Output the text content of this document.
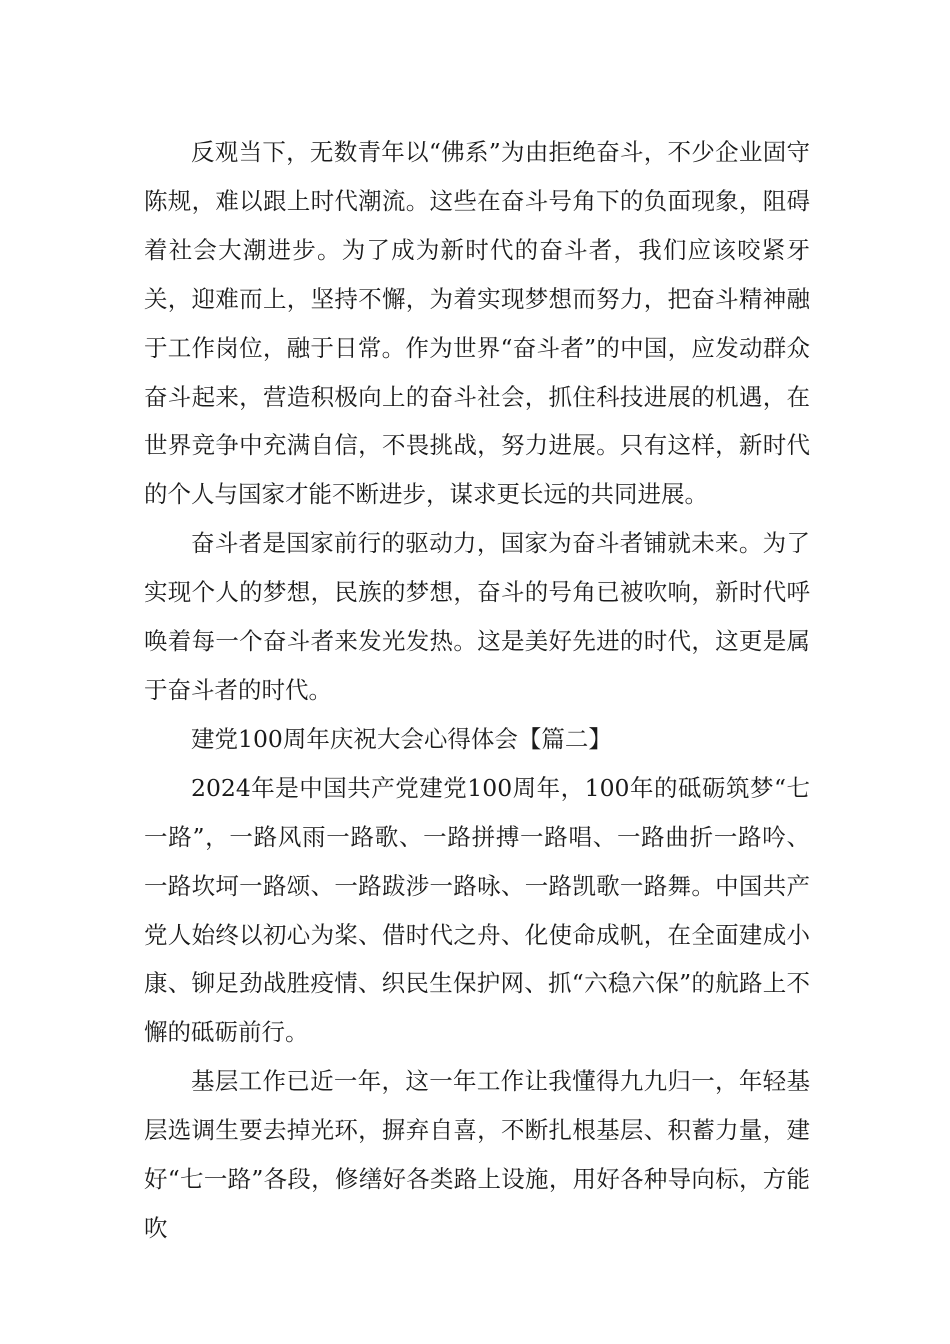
反观当下，无数青年以“佛系”为由拒绝奋斗，不少企业固守陈规，难以跟上时代潮流。这些在奋斗号角下的负面现象，阻碍着社会大潮进步。为了成为新时代的奋斗者，我们应该咬紧牙关，迎难而上，坚持不懈，为着实现梦想而努力，把奋斗精神融于工作岗位，融于日常。作为世界“奋斗者”的中国，应发动群众奋斗起来，营造积极向上的奋斗社会，抓住科技进展的机遇，在世界竞争中充满自信，不畏挑战，努力进展。只有这样，新时代的个人与国家才能不断进步，谋求更长远的共同进展。

奋斗者是国家前行的驱动力，国家为奋斗者铺就未来。为了实现个人的梦想，民族的梦想，奋斗的号角已被吹响，新时代呼唤着每一个奋斗者来发光发热。这是美好先进的时代，这更是属于奋斗者的时代。

建党100周年庆祝大会心得体会【篇二】

2024年是中国共产党建党100周年，100年的砥砺筑梦“七一路”，一路风雨一路歌、一路拼搏一路唱、一路曲折一路吟、一路坎坷一路颂、一路跋涉一路咏、一路凯歌一路舞。中国共产党人始终以初心为桨、借时代之舟、化使命成帆，在全面建成小康、铆足劲战胜疫情、织民生保护网、抓“六稳六保”的航路上不懈的砥砺前行。

基层工作已近一年，这一年工作让我懂得九九归一，年轻基层选调生要去掉光环，摒弃自喜，不断扎根基层、积蓄力量，建好“七一路”各段，修缮好各类路上设施，用好各种导向标，方能吹
